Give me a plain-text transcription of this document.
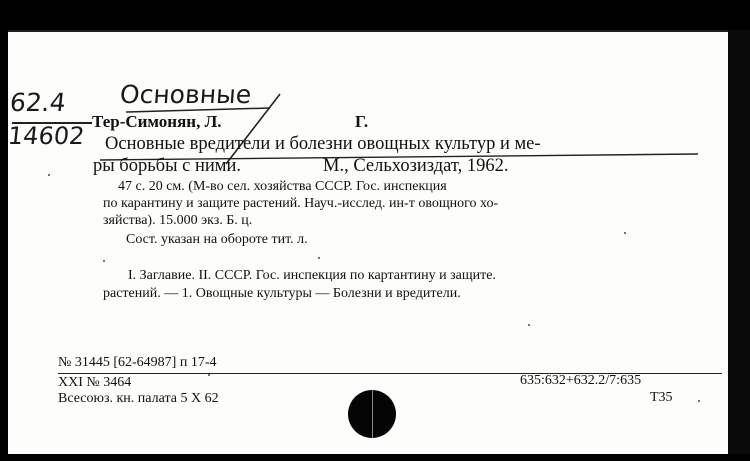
62.4
14602
Основные
Тер-Симонян, Л.	Г.
Основные вредители и болезни овощных культур и ме-
ры борьбы с ними.	М., Сельхозиздат, 1962.
47 с. 20 см. (М-во сел. хозяйства СССР. Гос. инспекция
по карантину и защите растений. Науч.-исслед. ин-т овощного хо-
зяйства). 15.000 экз. Б. ц.
Сост. указан на обороте тит. л.
I. Заглавие. II. СССР. Гос. инспекция по картантину и защите.
растений. — 1. Овощные культуры — Болезни и вредители.
№ 31445 [62-64987] п 17-4
XXI № 3464
Всесоюз. кн. палата 5 X 62
635:632+632.2/7:635
Т35
